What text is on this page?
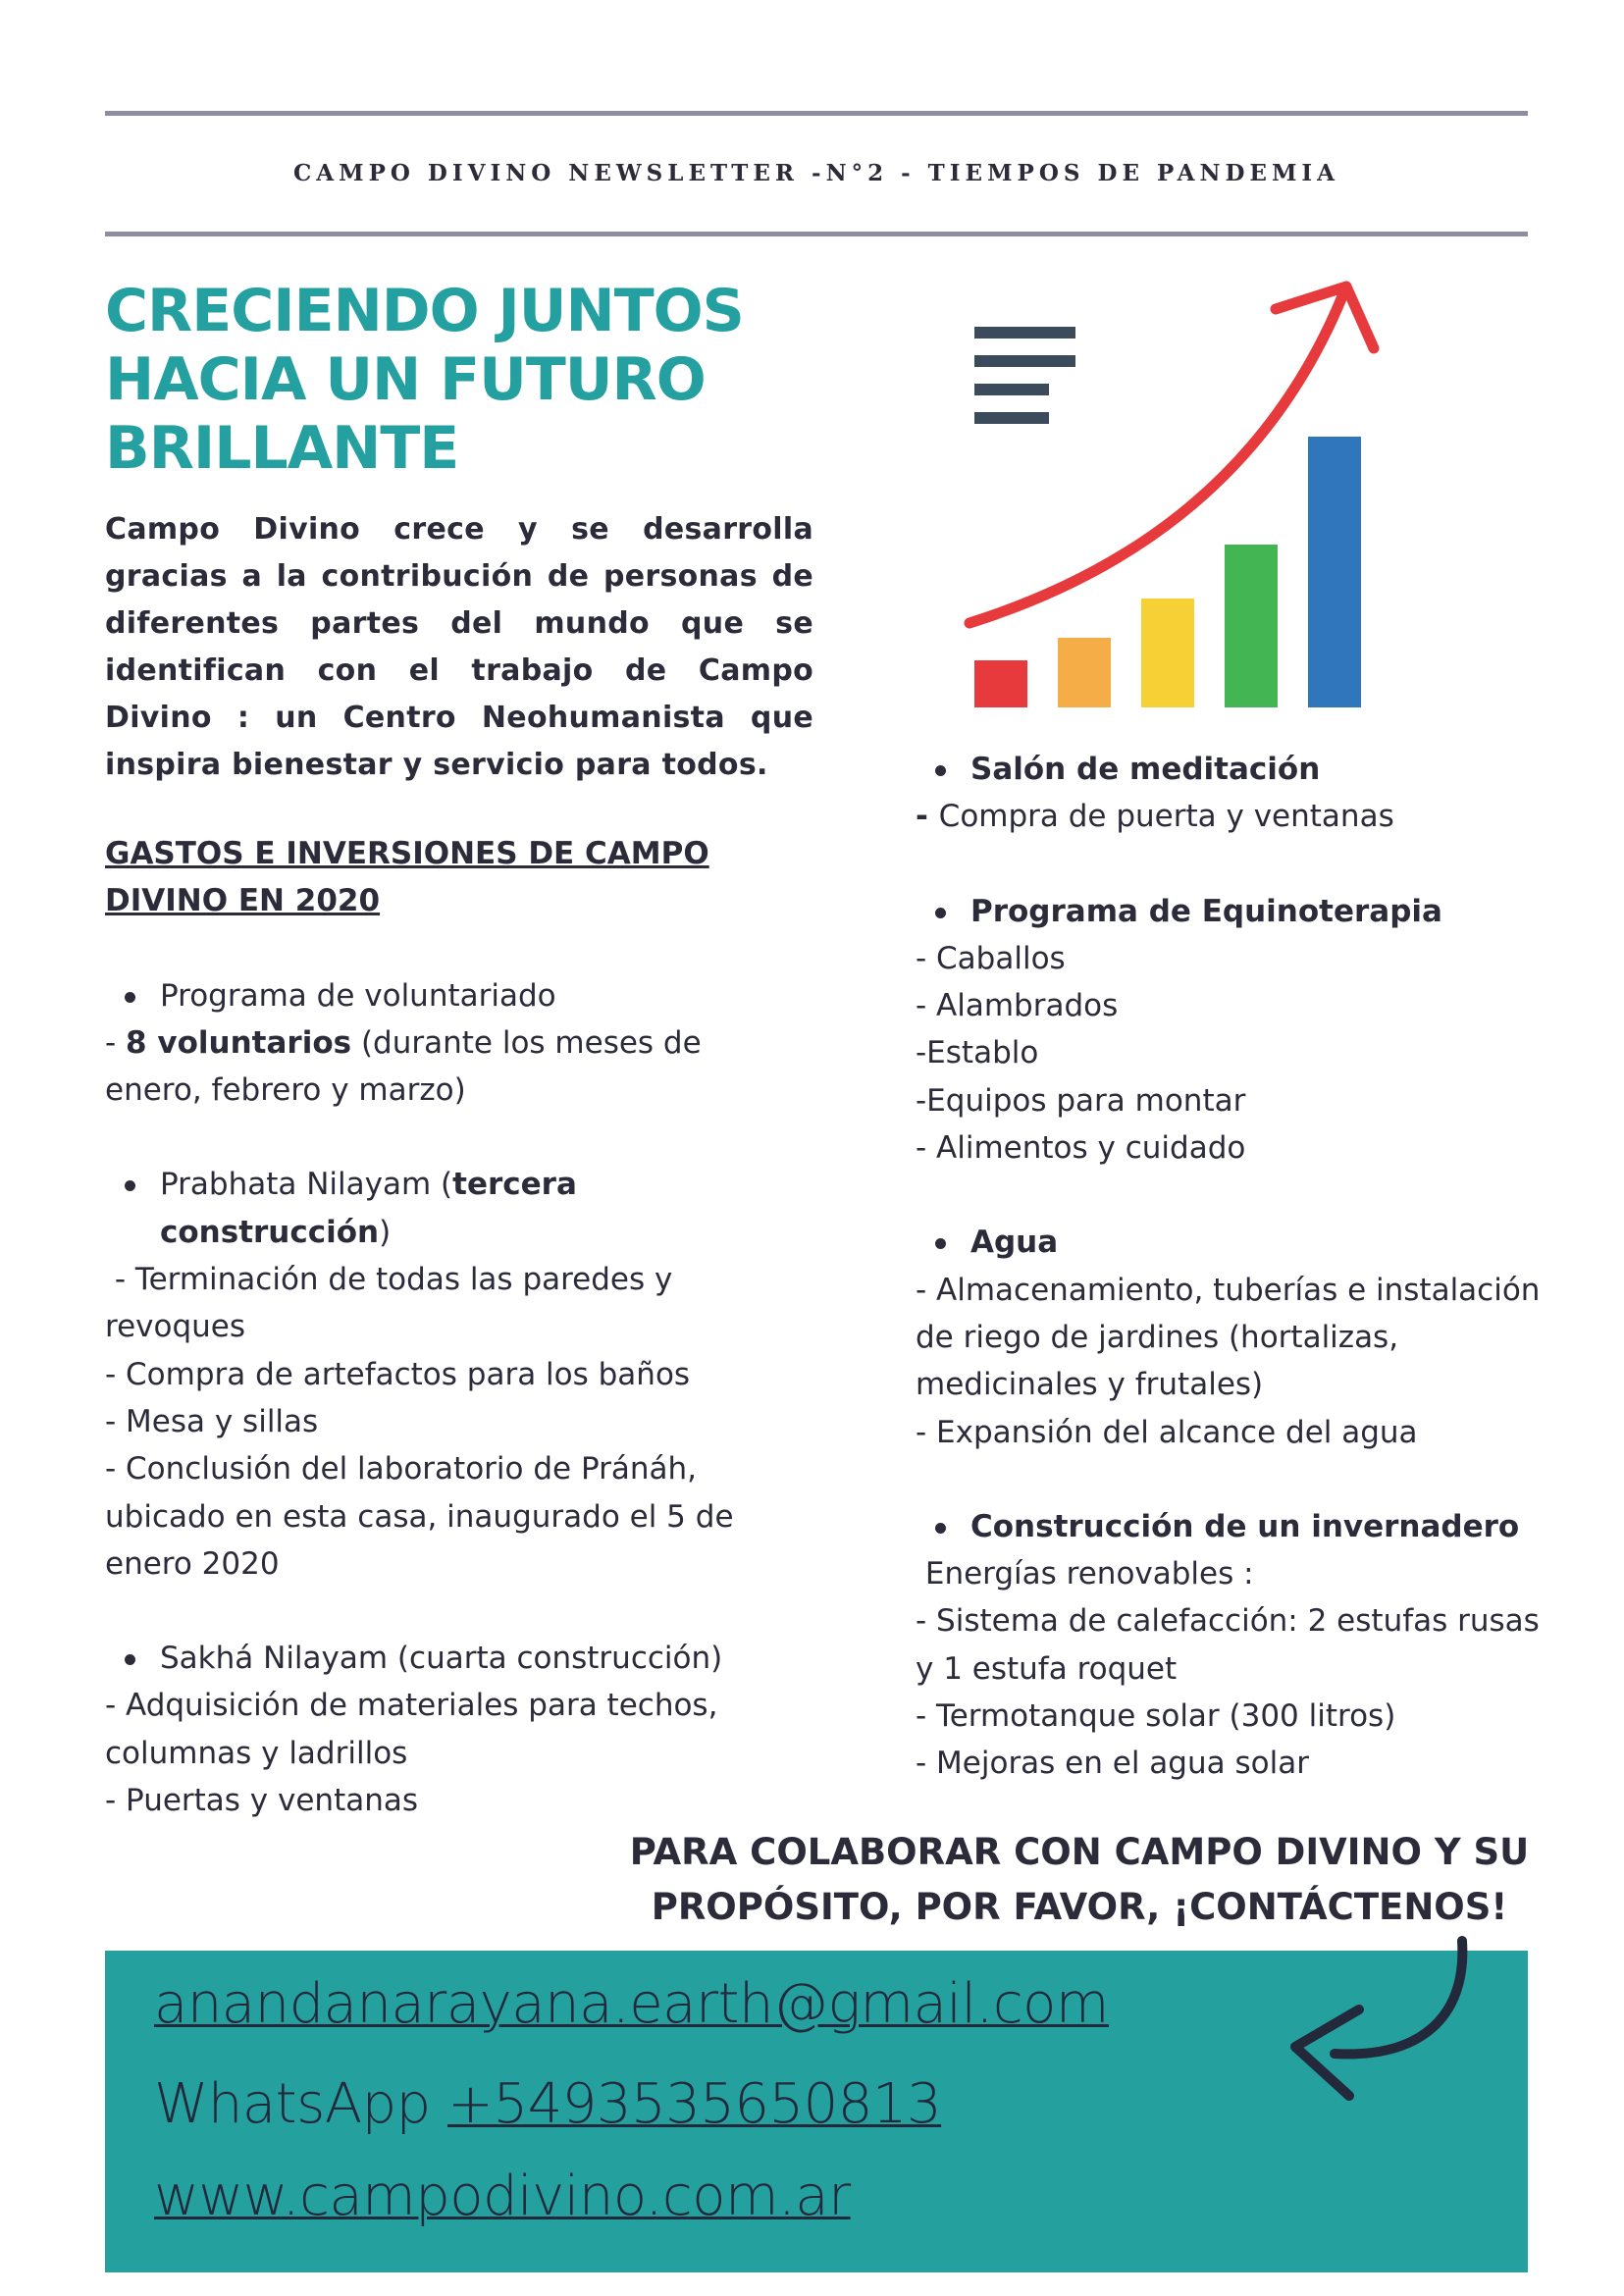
CAMPO DIVINO NEWSLETTER -N°2 - TIEMPOS DE PANDEMIA
CRECIENDO JUNTOS
HACIA UN FUTURO
BRILLANTE

Campo Divino crece y se desarrolla gracias a la contribución de personas de diferentes partes del mundo que se identifican con el trabajo de Campo Divino : un Centro Neohumanista que inspira bienestar y servicio para todos.

GASTOS E INVERSIONES DE CAMPO
DIVINO EN 2020

Programa de voluntariado

- 8 voluntarios (durante los meses de enero, febrero y marzo)

Prabhata Nilayam (tercera construcción)

- Terminación de todas las paredes y revoques

- Compra de artefactos para los baños

- Mesa y sillas

- Conclusión del laboratorio de Pránáh, ubicado en esta casa, inaugurado el 5 de enero 2020

Sakhá Nilayam (cuarta construcción)

- Adquisición de materiales para techos, columnas y ladrillos

- Puertas y ventanas

Salón de meditación

- Compra de puerta y ventanas

Programa de Equinoterapia

- Caballos

- Alambrados

-Establo

-Equipos para montar

- Alimentos y cuidado

Agua

- Almacenamiento, tuberías e instalación de riego de jardines (hortalizas, medicinales y frutales)

- Expansión del alcance del agua

Construcción de un invernadero

Energías renovables :

- Sistema de calefacción: 2 estufas rusas y 1 estufa roquet

- Termotanque solar (300 litros)

- Mejoras en el agua solar

PARA COLABORAR CON CAMPO DIVINO Y SU
PROPÓSITO, POR FAVOR, ¡CONTÁCTENOS!
anandanarayana.earth@gmail.com
WhatsApp +5493535650813
www.campodivino.com.ar
